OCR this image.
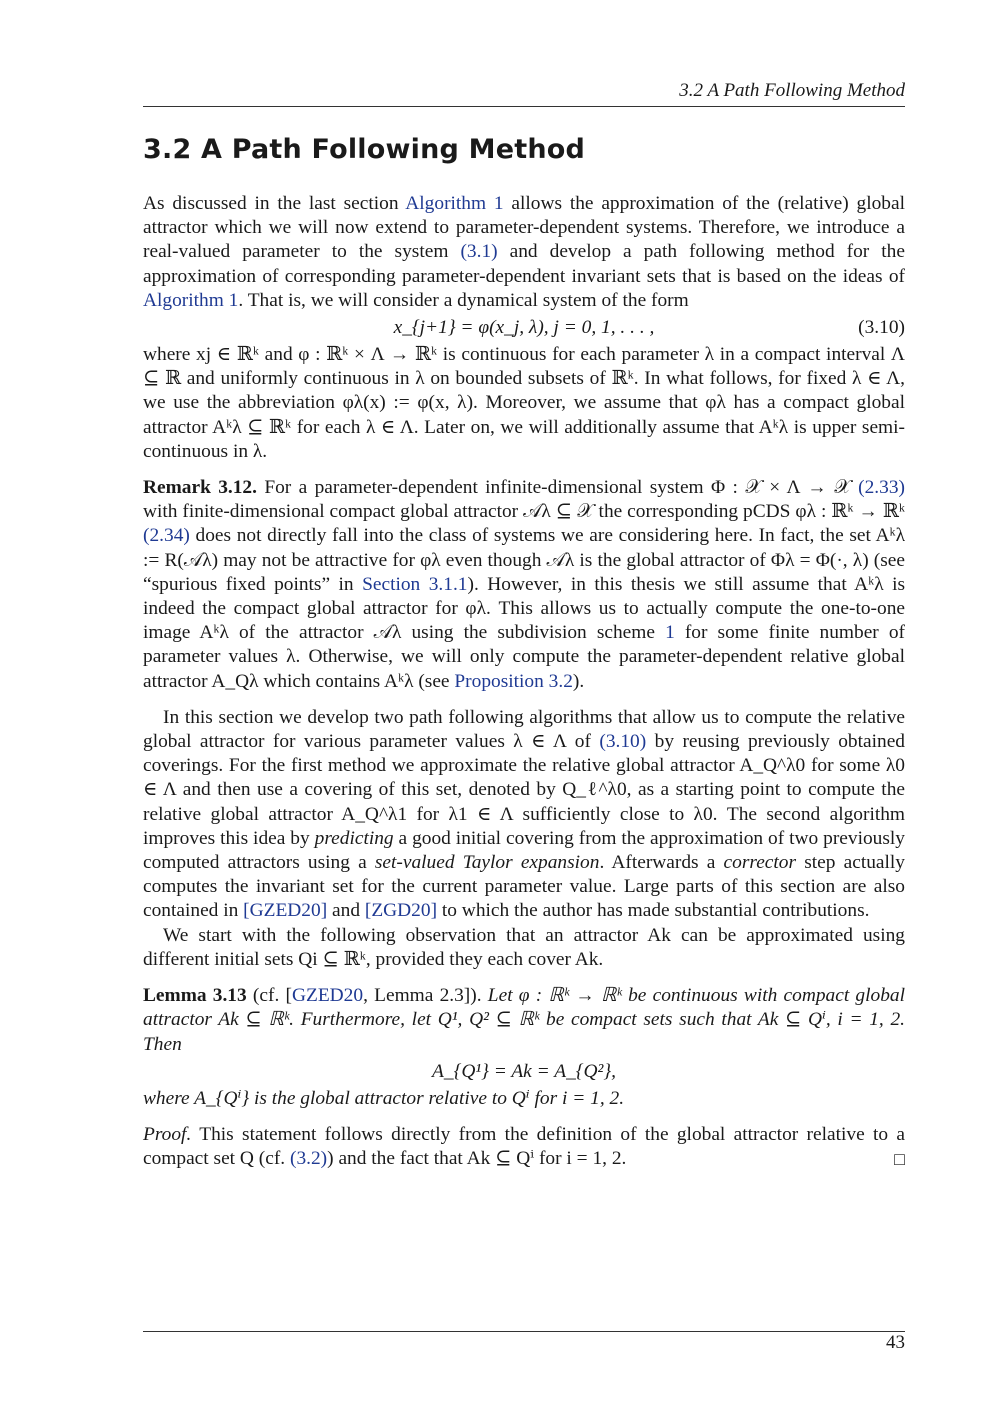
3.2 A Path Following Method
3.2 A Path Following Method

As discussed in the last section Algorithm 1 allows the approximation of the (relative) global attractor which we will now extend to parameter-dependent systems. Therefore, we introduce a real-valued parameter to the system (3.1) and develop a path following method for the approximation of corresponding parameter-dependent invariant sets that is based on the ideas of Algorithm 1. That is, we will consider a dynamical system of the form

x_{j+1} = φ(x_j, λ), j = 0, 1, . . . ,	(3.10)

where xj ∈ ℝᵏ and φ : ℝᵏ × Λ → ℝᵏ is continuous for each parameter λ in a compact interval Λ ⊆ ℝ and uniformly continuous in λ on bounded subsets of ℝᵏ. In what follows, for fixed λ ∈ Λ, we use the abbreviation φλ(x) := φ(x, λ). Moreover, we assume that φλ has a compact global attractor Aᵏλ ⊆ ℝᵏ for each λ ∈ Λ. Later on, we will additionally assume that Aᵏλ is upper semi-continuous in λ.

Remark 3.12. For a parameter-dependent infinite-dimensional system Φ : 𝒳 × Λ → 𝒳 (2.33) with finite-dimensional compact global attractor 𝒜λ ⊆ 𝒳 the corresponding pCDS φλ : ℝᵏ → ℝᵏ (2.34) does not directly fall into the class of systems we are considering here. In fact, the set Aᵏλ := R(𝒜λ) may not be attractive for φλ even though 𝒜λ is the global attractor of Φλ = Φ(·, λ) (see “spurious fixed points” in Section 3.1.1). However, in this thesis we still assume that Aᵏλ is indeed the compact global attractor for φλ. This allows us to actually compute the one-to-one image Aᵏλ of the attractor 𝒜λ using the subdivision scheme 1 for some finite number of parameter values λ. Otherwise, we will only compute the parameter-dependent relative global attractor A_Qλ which contains Aᵏλ (see Proposition 3.2).

In this section we develop two path following algorithms that allow us to compute the relative global attractor for various parameter values λ ∈ Λ of (3.10) by reusing previously obtained coverings. For the first method we approximate the relative global attractor A_Q^λ0 for some λ0 ∈ Λ and then use a covering of this set, denoted by Q_ℓ^λ0, as a starting point to compute the relative global attractor A_Q^λ1 for λ1 ∈ Λ sufficiently close to λ0. The second algorithm improves this idea by predicting a good initial covering from the approximation of two previously computed attractors using a set-valued Taylor expansion. Afterwards a corrector step actually computes the invariant set for the current parameter value. Large parts of this section are also contained in [GZED20] and [ZGD20] to which the author has made substantial contributions.

We start with the following observation that an attractor Ak can be approximated using different initial sets Qi ⊆ ℝᵏ, provided they each cover Ak.

Lemma 3.13 (cf. [GZED20, Lemma 2.3]). Let φ : ℝᵏ → ℝᵏ be continuous with compact global attractor Ak ⊆ ℝᵏ. Furthermore, let Q¹, Q² ⊆ ℝᵏ be compact sets such that Ak ⊆ Qⁱ, i = 1, 2. Then

A_{Q¹} = Ak = A_{Q²},

where A_{Qⁱ} is the global attractor relative to Qⁱ for i = 1, 2.

Proof. This statement follows directly from the definition of the global attractor relative to a compact set Q (cf. (3.2)) and the fact that Ak ⊆ Qⁱ for i = 1, 2.	□

43
